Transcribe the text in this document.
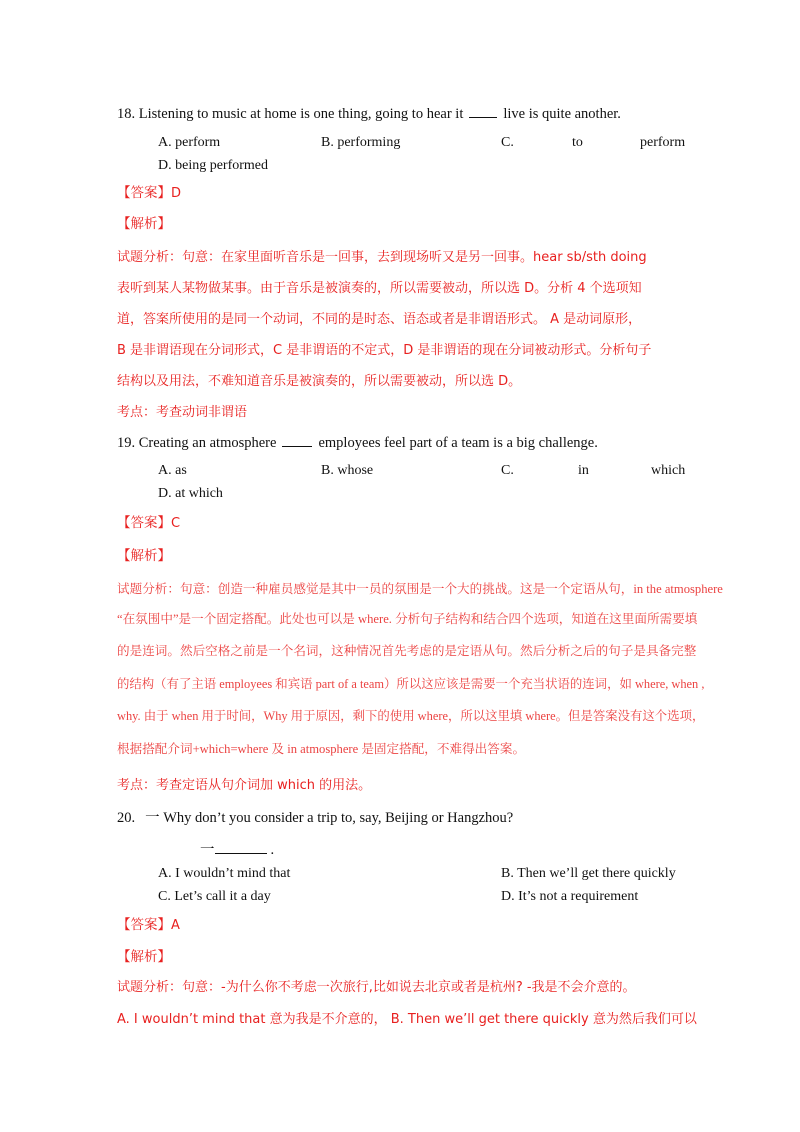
18. Listening to music at home is one thing, going to hear it	live is quite another.
A. perform	B. performing	C.	to	perform
D. being performed
【答案】D
【解析】
试题分析：句意：在家里面听音乐是一回事，去到现场听又是另一回事。hear sb/sth doing
表听到某人某物做某事。由于音乐是被演奏的，所以需要被动，所以选 D。分析 4 个选项知
道，答案所使用的是同一个动词，不同的是时态、语态或者是非谓语形式。 A 是动词原形，
B 是非谓语现在分词形式，C 是非谓语的不定式，D 是非谓语的现在分词被动形式。分析句子
结构以及用法，不难知道音乐是被演奏的，所以需要被动，所以选 D。
考点：考查动词非谓语
19. Creating an atmosphere	employees feel part of a team is a big challenge.
A. as	B. whose	C.	in	which
D. at which
【答案】C
【解析】
试题分析：句意：创造一种雇员感觉是其中一员的氛围是一个大的挑战。这是一个定语从句，in the atmosphere
“在氛围中”是一个固定搭配。此处也可以是 where. 分析句子结构和结合四个选项，知道在这里面所需要填
的是连词。然后空格之前是一个名词，这种情况首先考虑的是定语从句。然后分析之后的句子是具备完整
的结构（有了主语 employees 和宾语 part of a team）所以这应该是需要一个充当状语的连词，如 where, when ,
why. 由于 when 用于时间，Why 用于原因，剩下的使用 where，所以这里填 where。但是答案没有这个选项，
根据搭配介词+which=where 及 in atmosphere 是固定搭配，不难得出答案。
考点：考查定语从句介词加 which 的用法。
20. 一 Why don’t you consider a trip to, say, Beijing or Hangzhou?
一	.
A. I wouldn’t mind that	B. Then we’ll get there quickly
C. Let’s call it a day	D. It’s not a requirement
【答案】A
【解析】
试题分析：句意：-为什么你不考虑一次旅行,比如说去北京或者是杭州? -我是不会介意的。
A. I wouldn’t mind that 意为我是不介意的， B. Then we’ll get there quickly 意为然后我们可以
